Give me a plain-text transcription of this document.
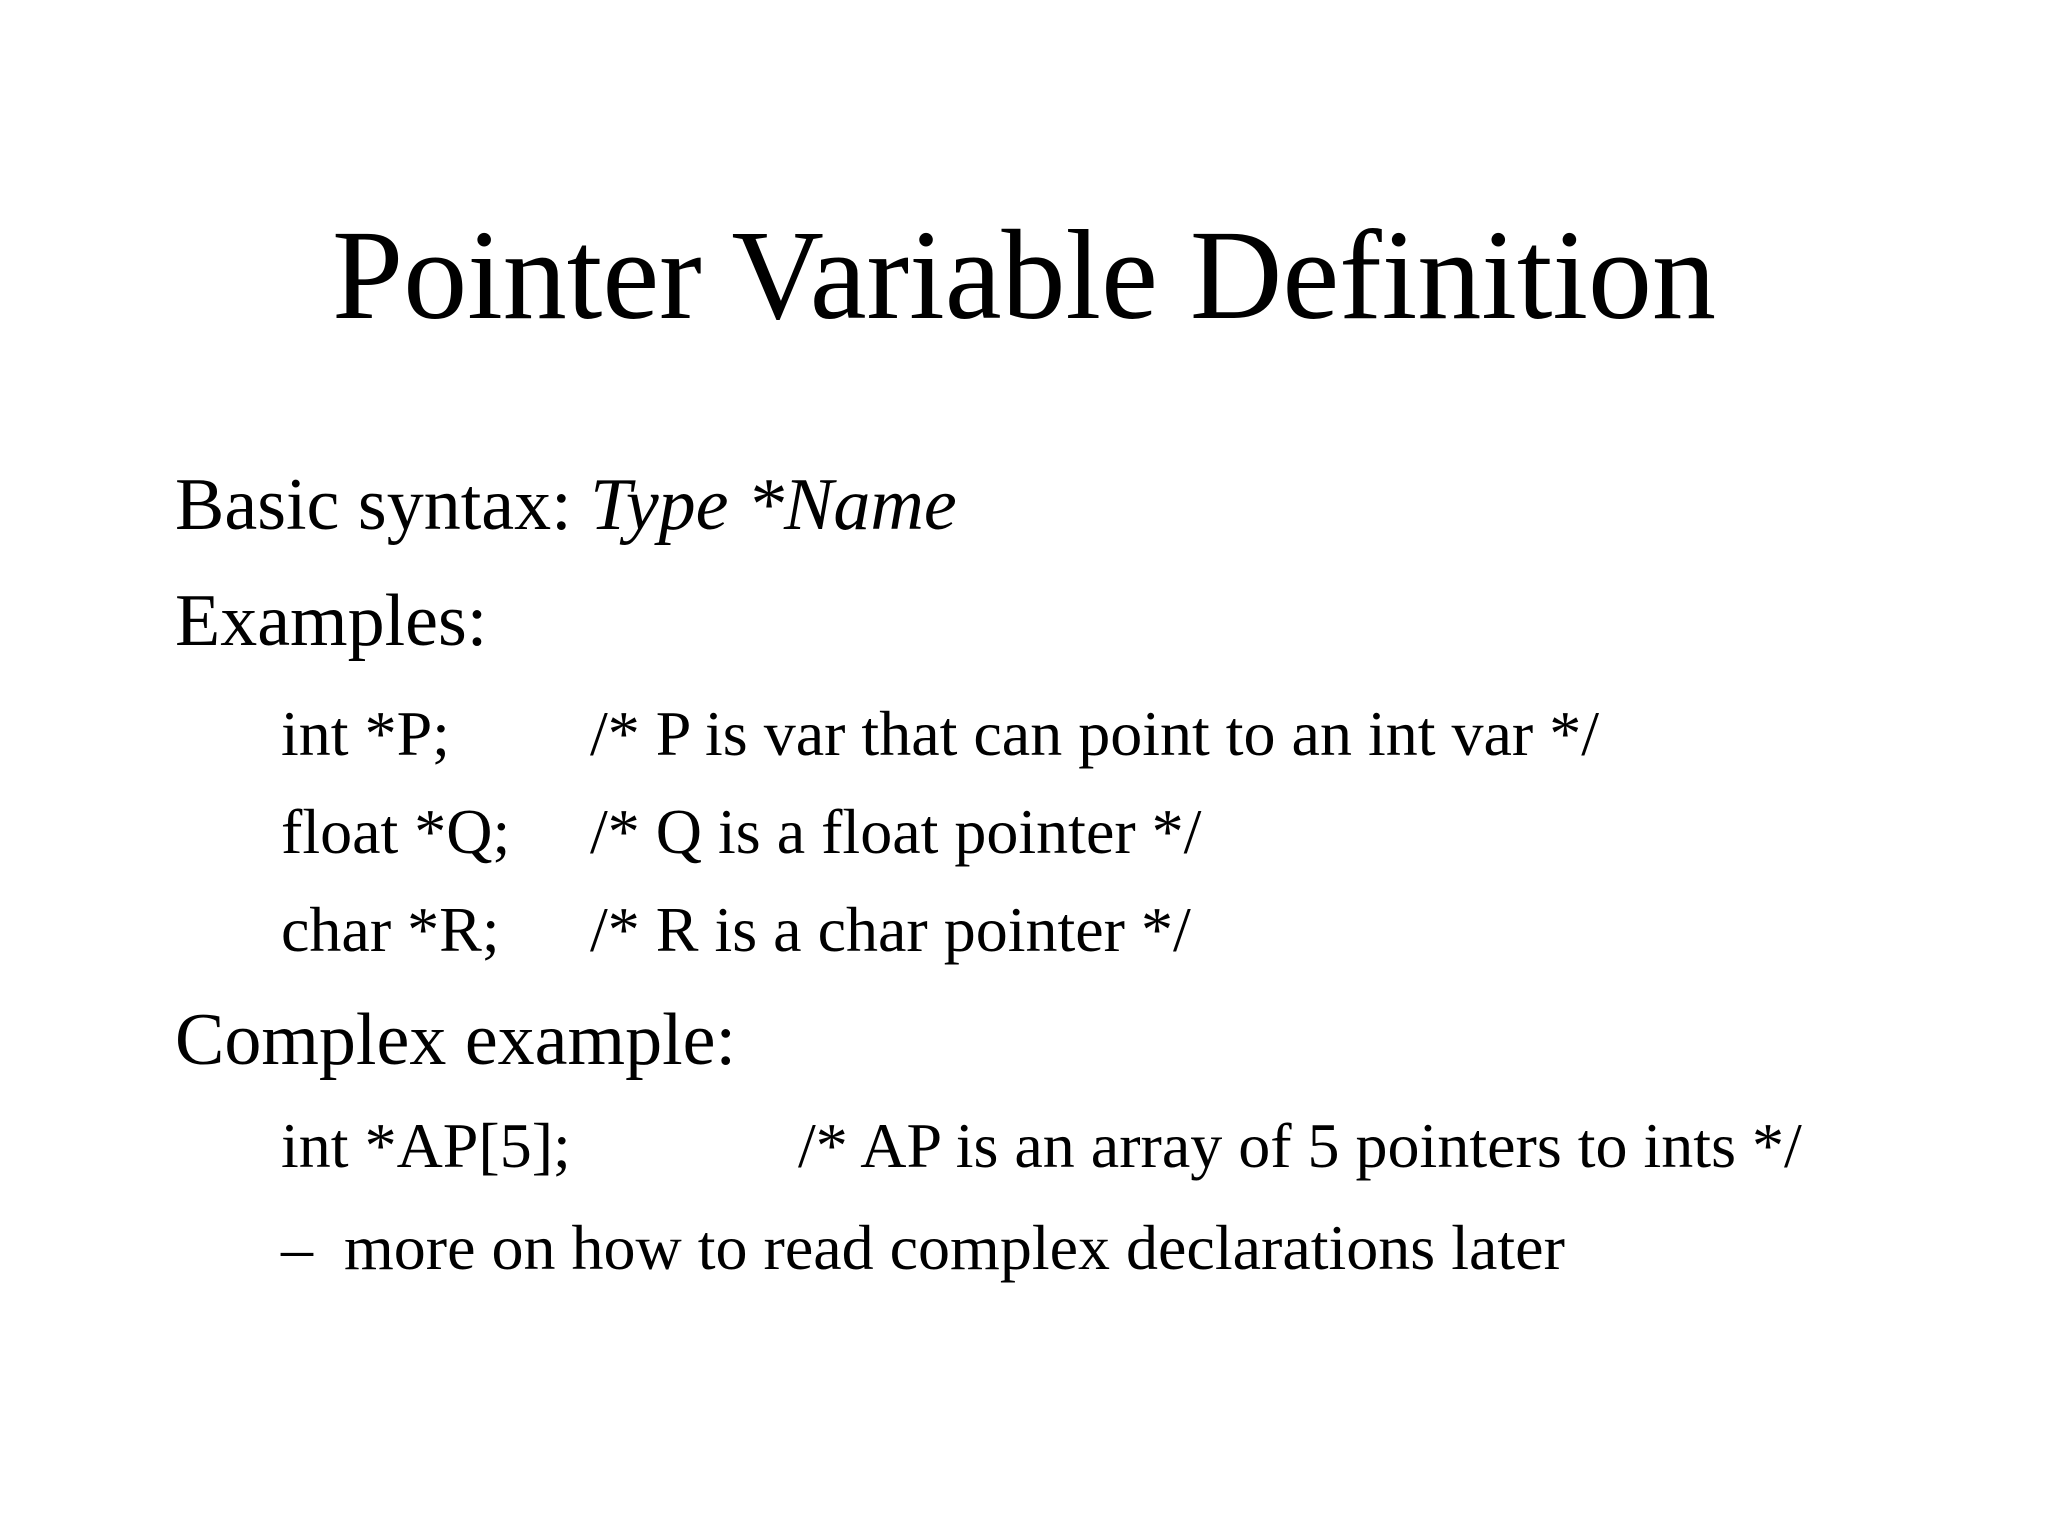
Pointer Variable Definition
Basic syntax: Type *Name
Examples:
int *P; /* P is var that can point to an int var */
float *Q; /* Q is a float pointer */
char *R; /* R is a char pointer */
Complex example:
int *AP[5];	/* AP is an array of 5 pointers to ints */
– more on how to read complex declarations later
